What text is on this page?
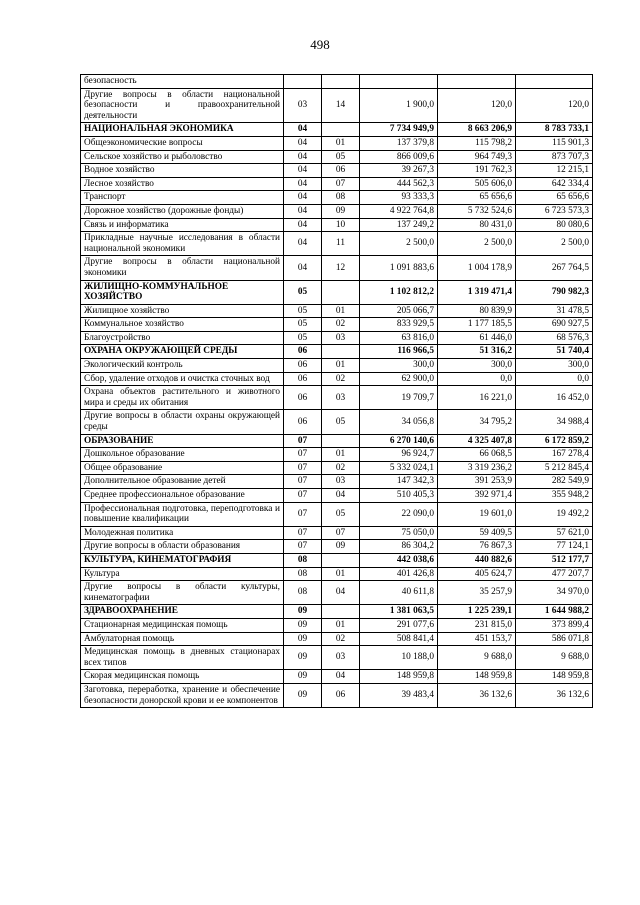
498
безопасность					
Другие вопросы в области национальной безопасности и правоохранительной деятельности	03	14	1 900,0	120,0	120,0
НАЦИОНАЛЬНАЯ ЭКОНОМИКА	04		7 734 949,9	8 663 206,9	8 783 733,1
Общеэкономические вопросы	04	01	137 379,8	115 798,2	115 901,3
Сельское хозяйство и рыболовство	04	05	866 009,6	964 749,3	873 707,3
Водное хозяйство	04	06	39 267,3	191 762,3	12 215,1
Лесное хозяйство	04	07	444 562,3	505 606,0	642 334,4
Транспорт	04	08	93 333,3	65 656,6	65 656,6
Дорожное хозяйство (дорожные фонды)	04	09	4 922 764,8	5 732 524,6	6 723 573,3
Связь и информатика	04	10	137 249,2	80 431,0	80 080,6
Прикладные научные исследования в области национальной экономики	04	11	2 500,0	2 500,0	2 500,0
Другие вопросы в области национальной экономики	04	12	1 091 883,6	1 004 178,9	267 764,5
ЖИЛИЩНО-КОММУНАЛЬНОЕ ХОЗЯЙСТВО	05		1 102 812,2	1 319 471,4	790 982,3
Жилищное хозяйство	05	01	205 066,7	80 839,9	31 478,5
Коммунальное хозяйство	05	02	833 929,5	1 177 185,5	690 927,5
Благоустройство	05	03	63 816,0	61 446,0	68 576,3
ОХРАНА ОКРУЖАЮЩЕЙ СРЕДЫ	06		116 966,5	51 316,2	51 740,4
Экологический контроль	06	01	300,0	300,0	300,0
Сбор, удаление отходов и очистка сточных вод	06	02	62 900,0	0,0	0,0
Охрана объектов растительного и животного мира и среды их обитания	06	03	19 709,7	16 221,0	16 452,0
Другие вопросы в области охраны окружающей среды	06	05	34 056,8	34 795,2	34 988,4
ОБРАЗОВАНИЕ	07		6 270 140,6	4 325 407,8	6 172 859,2
Дошкольное образование	07	01	96 924,7	66 068,5	167 278,4
Общее образование	07	02	5 332 024,1	3 319 236,2	5 212 845,4
Дополнительное образование детей	07	03	147 342,3	391 253,9	282 549,9
Среднее профессиональное образование	07	04	510 405,3	392 971,4	355 948,2
Профессиональная подготовка, переподготовка и повышение квалификации	07	05	22 090,0	19 601,0	19 492,2
Молодежная политика	07	07	75 050,0	59 409,5	57 621,0
Другие вопросы в области образования	07	09	86 304,2	76 867,3	77 124,1
КУЛЬТУРА, КИНЕМАТОГРАФИЯ	08		442 038,6	440 882,6	512 177,7
Культура	08	01	401 426,8	405 624,7	477 207,7
Другие вопросы в области культуры, кинематографии	08	04	40 611,8	35 257,9	34 970,0
ЗДРАВООХРАНЕНИЕ	09		1 381 063,5	1 225 239,1	1 644 988,2
Стационарная медицинская помощь	09	01	291 077,6	231 815,0	373 899,4
Амбулаторная помощь	09	02	508 841,4	451 153,7	586 071,8
Медицинская помощь в дневных стационарах всех типов	09	03	10 188,0	9 688,0	9 688,0
Скорая медицинская помощь	09	04	148 959,8	148 959,8	148 959,8
Заготовка, переработка, хранение и обеспечение безопасности донорской крови и ее компонентов	09	06	39 483,4	36 132,6	36 132,6
